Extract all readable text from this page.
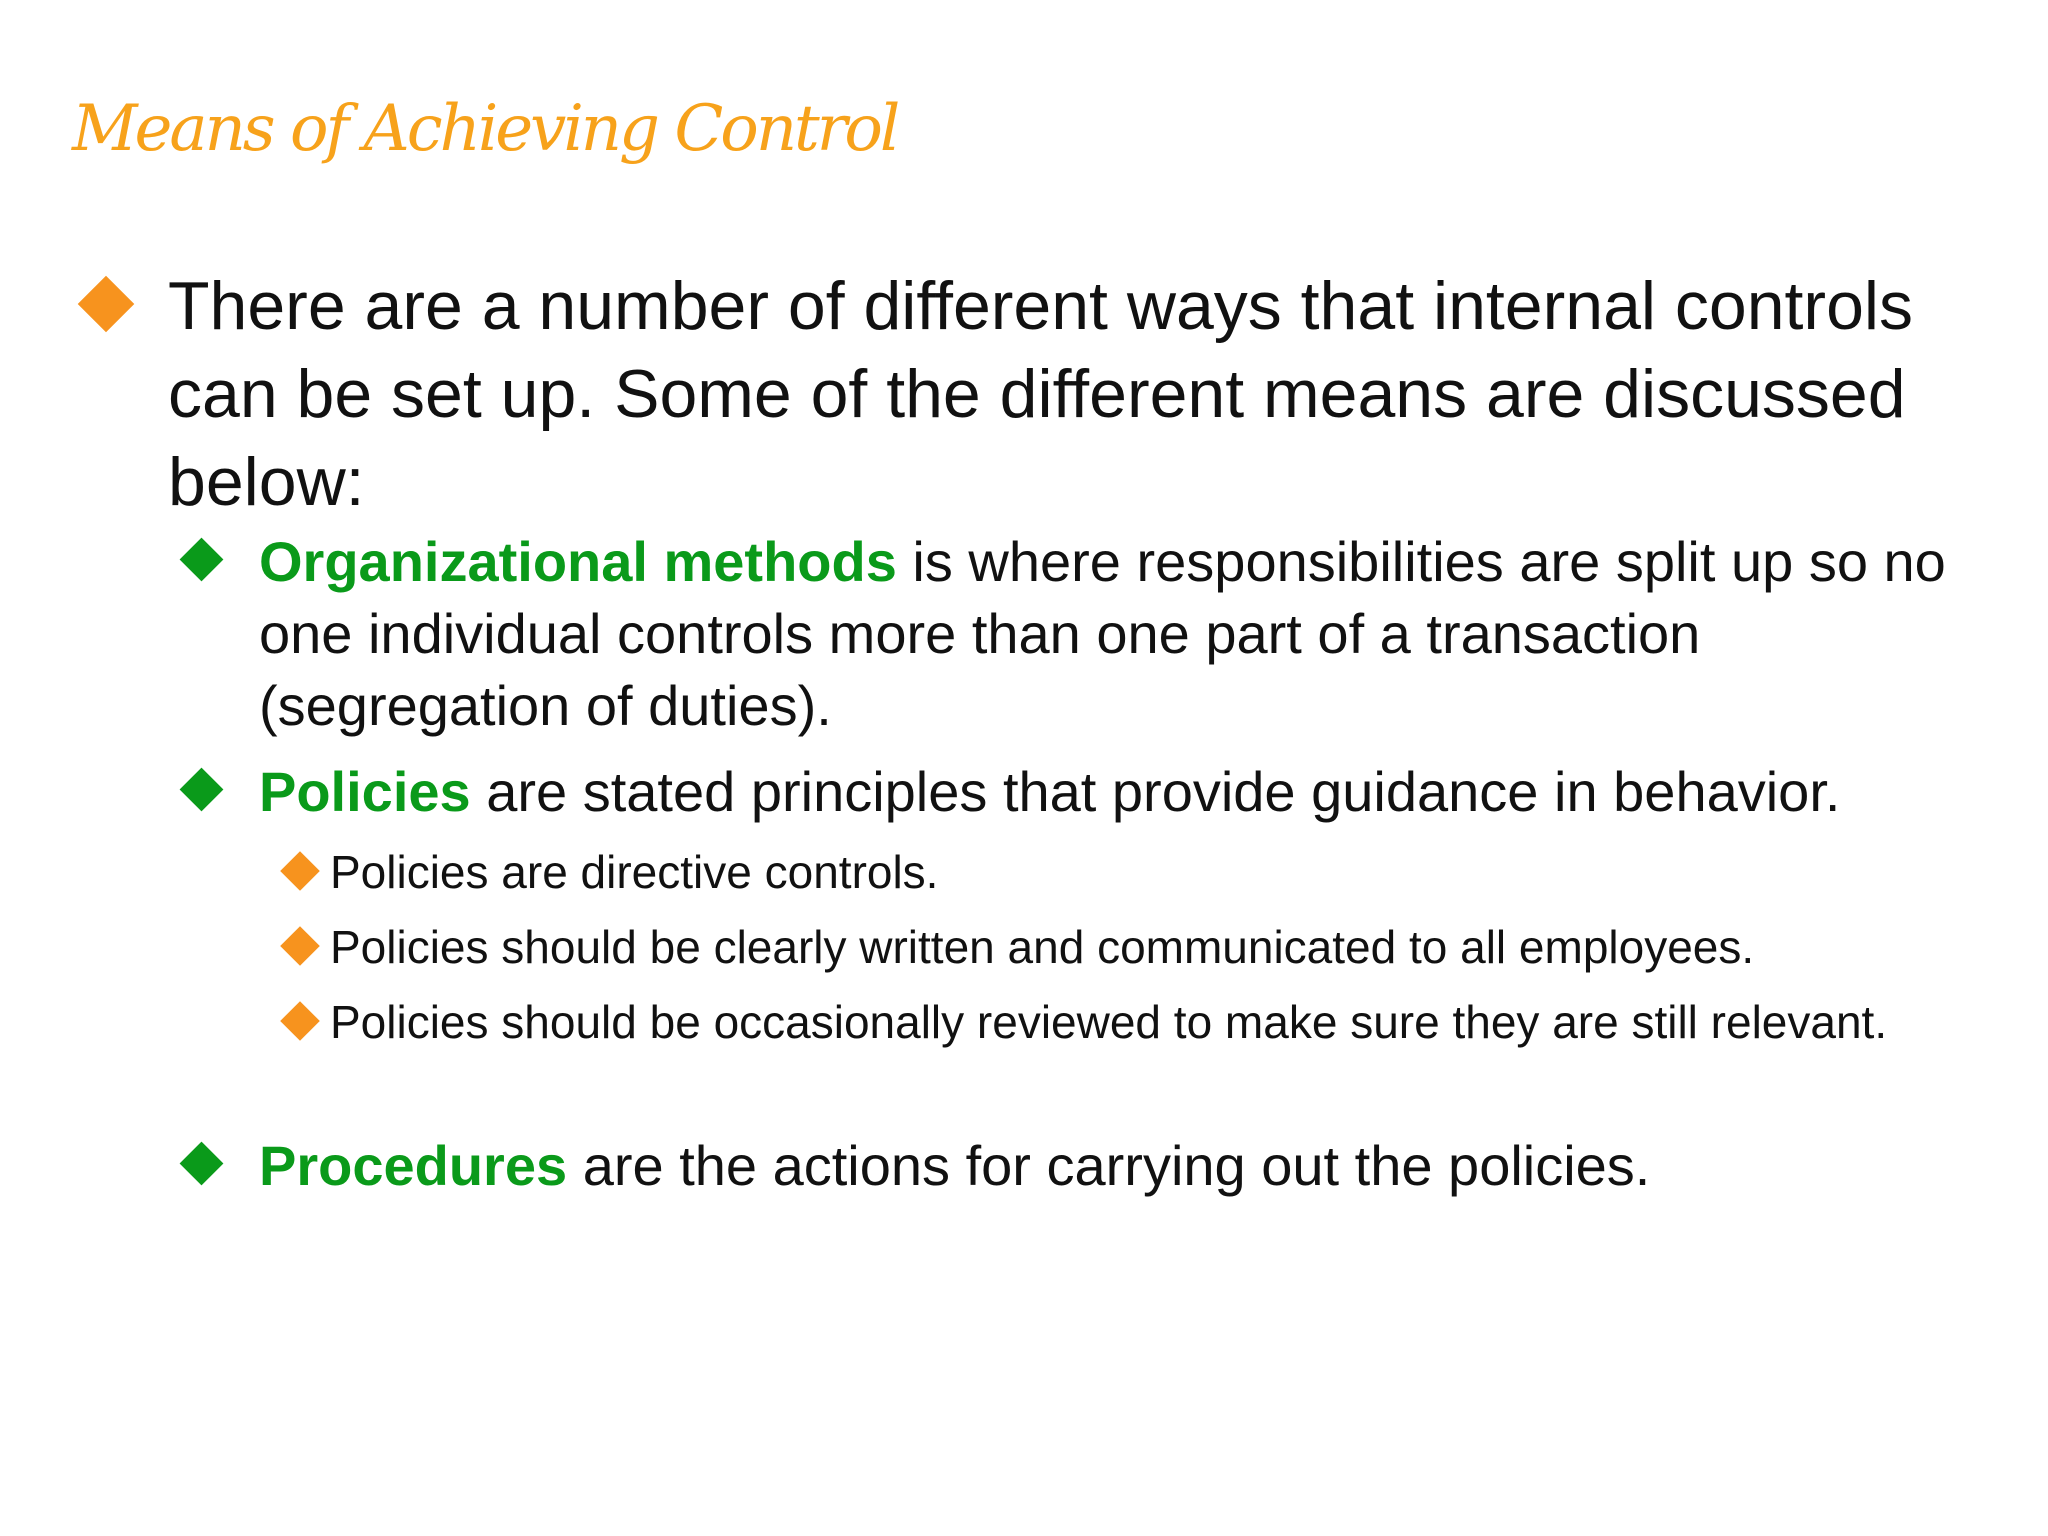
Means of Achieving Control
There are a number of different ways that internal controls can be set up. Some of the different means are discussed below:
Organizational methods is where responsibilities are split up so no one individual controls more than one part of a transaction (segregation of duties).
Policies are stated principles that provide guidance in behavior.
Policies are directive controls.
Policies should be clearly written and communicated to all employees.
Policies should be occasionally reviewed to make sure they are still relevant.
Procedures are the actions for carrying out the policies.
